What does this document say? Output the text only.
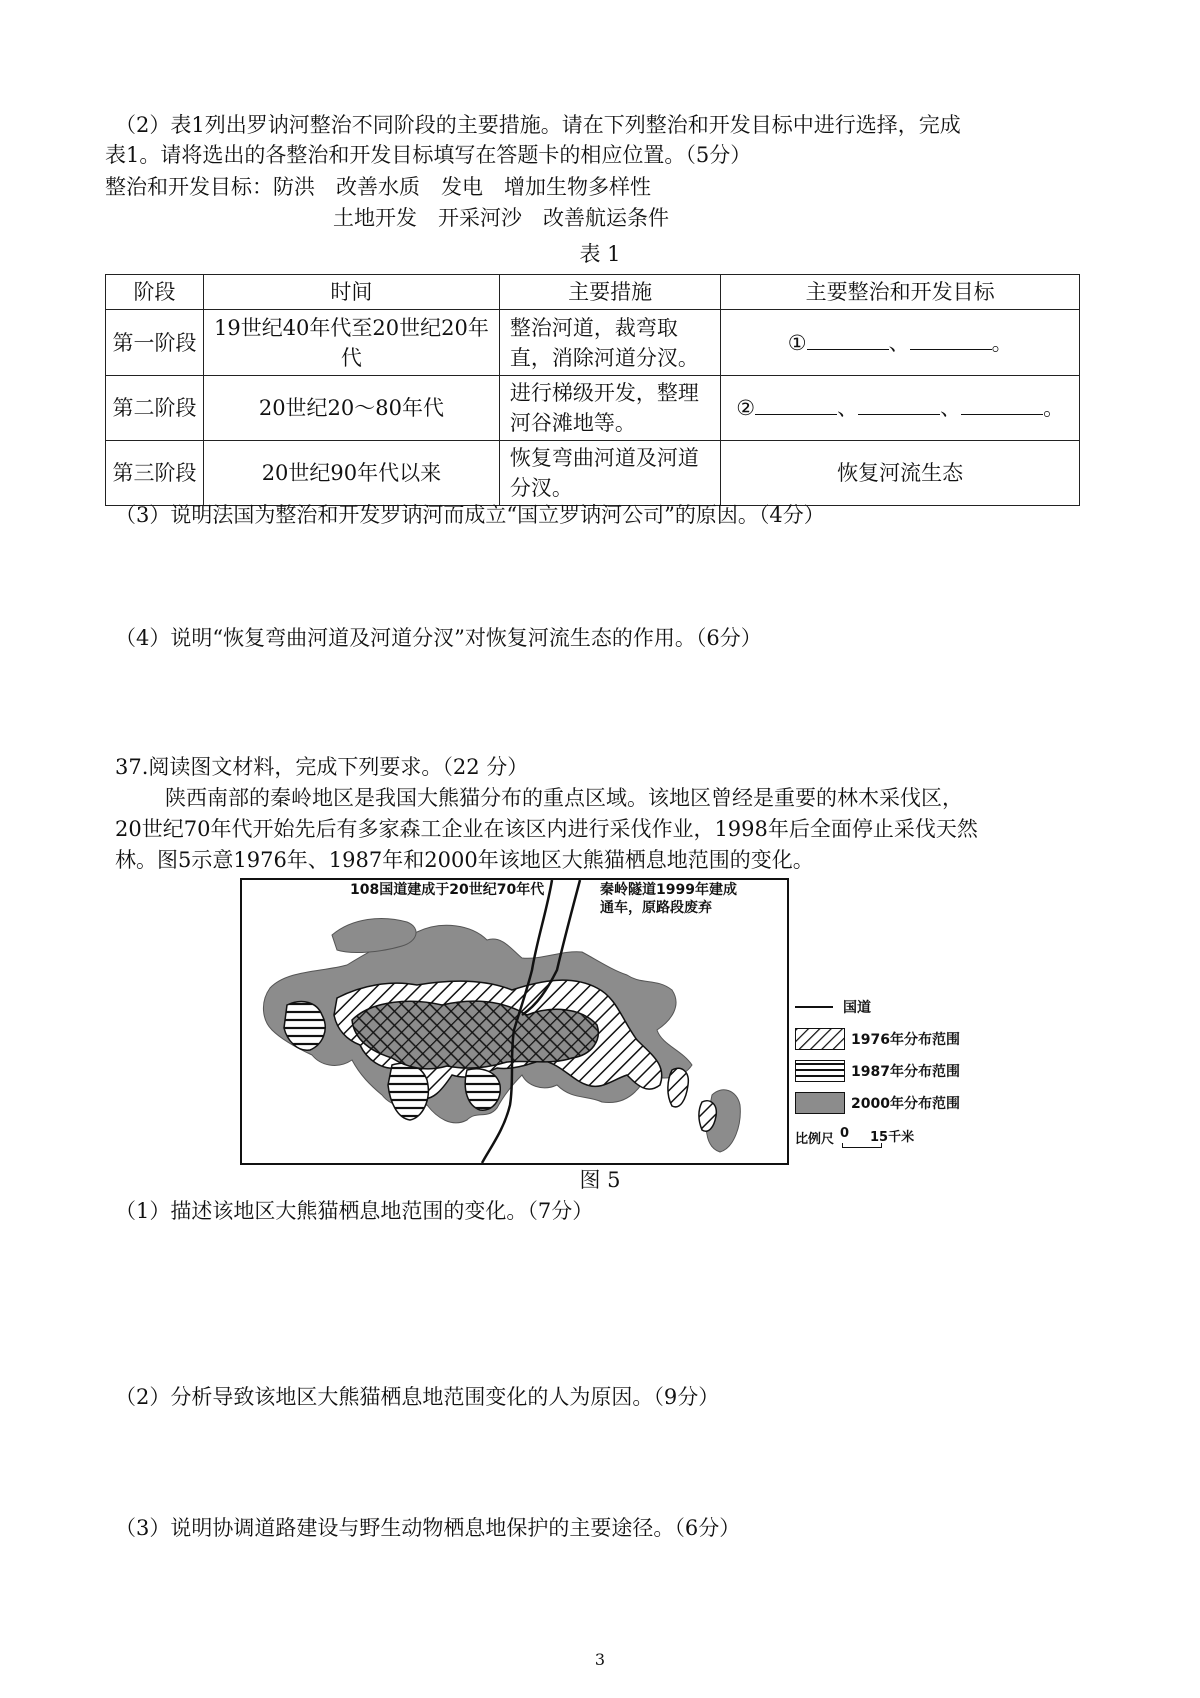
（2）表1列出罗讷河整治不同阶段的主要措施。请在下列整治和开发目标中进行选择，完成
表1。请将选出的各整治和开发目标填写在答题卡的相应位置。（5分）
整治和开发目标：防洪　改善水质　发电　增加生物多样性
土地开发　开采河沙　改善航运条件
表 1
阶段	时间	主要措施	主要整治和开发目标
第一阶段	19世纪40年代至20世纪20年代	整治河道，裁弯取直，消除河道分汊。	① 、 。
第二阶段	20世纪20～80年代	进行梯级开发，整理河谷滩地等。	② 、 、 。
第三阶段	20世纪90年代以来	恢复弯曲河道及河道分汊。	恢复河流生态
（3）说明法国为整治和开发罗讷河而成立“国立罗讷河公司”的原因。（4分）
（4）说明“恢复弯曲河道及河道分汊”对恢复河流生态的作用。（6分）
37.阅读图文材料，完成下列要求。（22 分）
陕西南部的秦岭地区是我国大熊猫分布的重点区域。该地区曾经是重要的林木采伐区，
20世纪70年代开始先后有多家森工企业在该区内进行采伐作业，1998年后全面停止采伐天然
林。图5示意1976年、1987年和2000年该地区大熊猫栖息地范围的变化。
108国道建成于20世纪70年代	秦岭隧道1999年建成
通车，原路段废弃
国道
1976年分布范围
1987年分布范围
2000年分布范围
比例尺 0 15千米
图 5
（1）描述该地区大熊猫栖息地范围的变化。（7分）
（2）分析导致该地区大熊猫栖息地范围变化的人为原因。（9分）
（3）说明协调道路建设与野生动物栖息地保护的主要途径。（6分）
3
